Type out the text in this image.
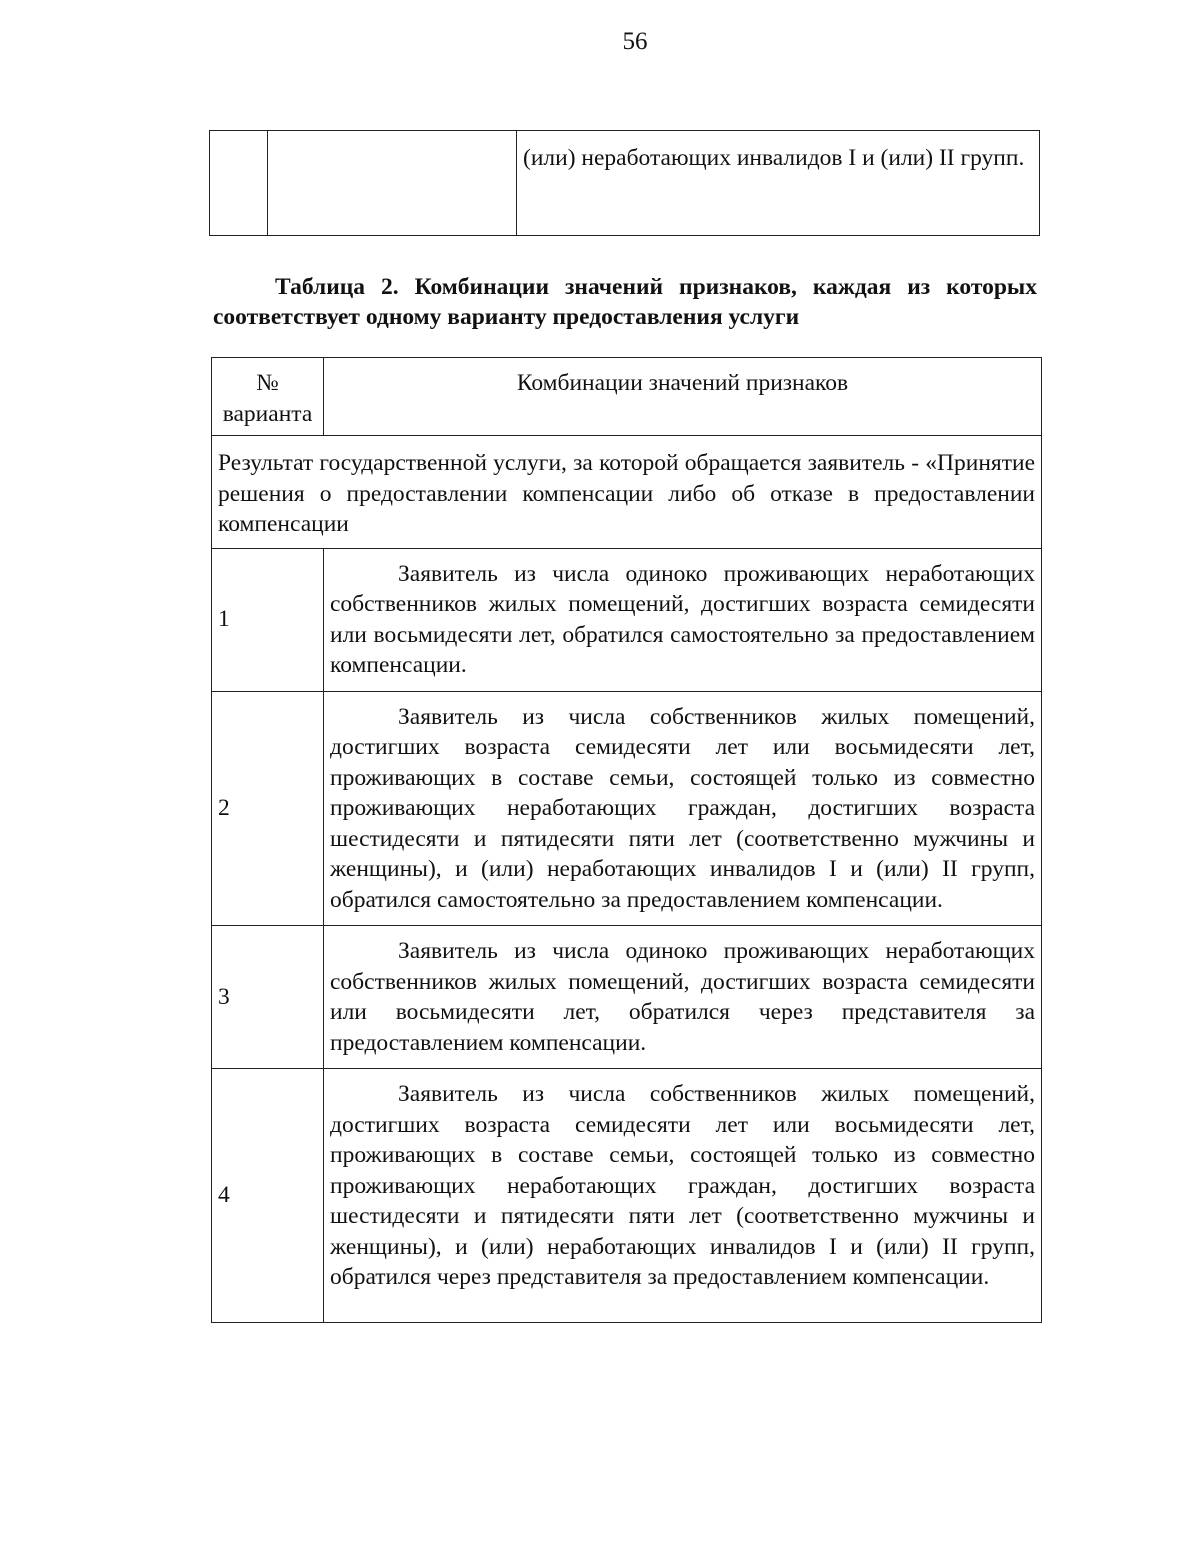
56

(или) неработающих инвалидов I и (или) II групп.
Таблица 2. Комбинации значений признаков, каждая из которых соответствует одному варианту предоставления услуги
№ варианта	Комбинации значений признаков
Результат государственной услуги, за которой обращается заявитель - «Принятие решения о предоставлении компенсации либо об отказе в предоставлении компенсации	
1	Заявитель из числа одиноко проживающих неработающих собственников жилых помещений, достигших возраста семидесяти или восьмидесяти лет, обратился самостоятельно за предоставлением компенсации.
2	Заявитель из числа собственников жилых помещений, достигших возраста семидесяти лет или восьмидесяти лет, проживающих в составе семьи, состоящей только из совместно проживающих неработающих граждан, достигших возраста шестидесяти и пятидесяти пяти лет (соответственно мужчины и женщины), и (или) неработающих инвалидов I и (или) II групп, обратился самостоятельно за предоставлением компенсации.
3	Заявитель из числа одиноко проживающих неработающих собственников жилых помещений, достигших возраста семидесяти или восьмидесяти лет, обратился через представителя за предоставлением компенсации.
4	Заявитель из числа собственников жилых помещений, достигших возраста семидесяти лет или восьмидесяти лет, проживающих в составе семьи, состоящей только из совместно проживающих неработающих граждан, достигших возраста шестидесяти и пятидесяти пяти лет (соответственно мужчины и женщины), и (или) неработающих инвалидов I и (или) II групп, обратился через представителя за предоставлением компенсации.
